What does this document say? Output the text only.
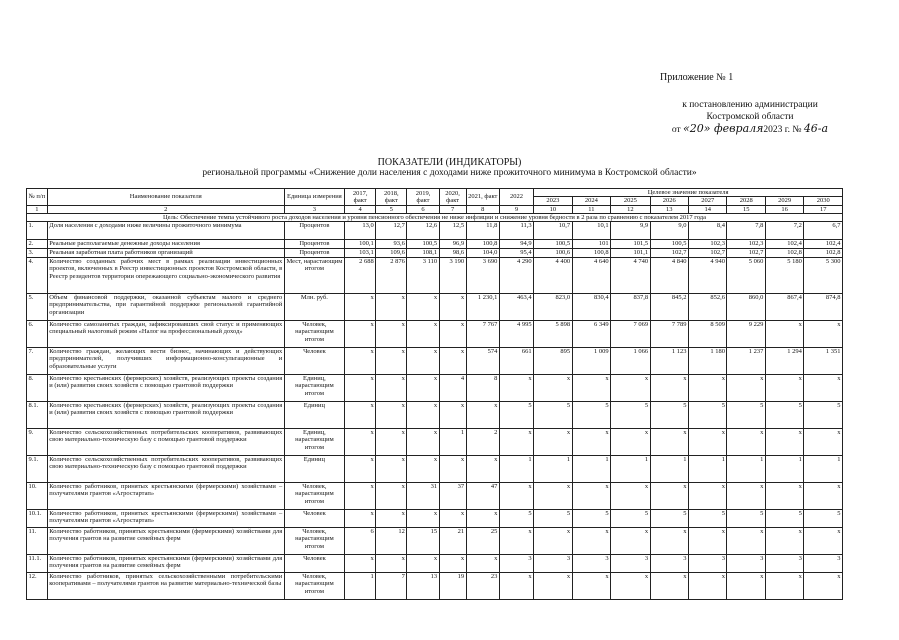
Приложение № 1
к постановлению администрации
Костромской области
от «20» февраля2023 г. № 46-а
ПОКАЗАТЕЛИ (ИНДИКАТОРЫ)
региональной программы «Снижение доли населения с доходами ниже прожиточного минимума в Костромской области»
№ п/п	Наименование показателя	Единица измерения	2017, факт	2018, факт	2019, факт	2020, факт	2021, факт	2022	Целевое значение показателя							
									2023	2024	2025	2026	2027	2028	2029	2030
1	2	3	4	5	6	7	8	9	10	11	12	13	14	15	16	17
Цель: Обеспечение темпа устойчивого роста доходов населения и уровня пенсионного обеспечения не ниже инфляции и снижение уровня бедности в 2 раза по сравнению с показателем 2017 года																
1.	Доля населения с доходами ниже величины прожиточного минимума	Процентов	13,0	12,7	12,6	12,5	11,8	11,3	10,7	10,1	9,9	9,0	8,4	7,8	7,2	6,7
2.	Реальные располагаемые денежные доходы населения	Процентов	100,1	93,6	100,5	96,9	100,8	94,9	100,5	101	101,5	100,5	102,3	102,3	102,4	102,4
3.	Реальная заработная плата работников организаций	Процентов	103,1	109,6	108,1	98,6	104,0	95,4	100,6	100,8	101,1	102,7	102,7	102,7	102,8	102,8
4.	Количество созданных рабочих мест в рамках реализации инвестиционных проектов, включенных в Реестр инвестиционных проектов Костромской области, в Реестр резидентов территории опережающего социально-экономического развития	Мест, нарастающим итогом	2 688	2 876	3 110	3 190	3 690	4 290	4 400	4 640	4 740	4 840	4 940	5 060	5 180	5 300
5.	Объем финансовой поддержки, оказанной субъектам малого и среднего предпринимательства, при гарантийной поддержке региональной гарантийной организации	Млн. руб.	х	х	х	х	1 230,1	463,4	823,0	830,4	837,8	845,2	852,6	860,0	867,4	874,8
6.	Количество самозанятых граждан, зафиксировавших свой статус и применяющих специальный налоговый режим «Налог на профессиональный доход»	Человек, нарастающим итогом	х	х	х	х	7 767	4 995	5 898	6 349	7 069	7 789	8 509	9 229	х	х
7.	Количество граждан, желающих вести бизнес, начинающих и действующих предпринимателей, получивших информационно-консультационные и образовательные услуги	Человек	х	х	х	х	574	661	895	1 009	1 066	1 123	1 180	1 237	1 294	1 351
8.	Количество крестьянских (фермерских) хозяйств, реализующих проекты создания и (или) развития своих хозяйств с помощью грантовой поддержки	Единиц, нарастающим итогом	х	х	х	4	8	х	х	х	х	х	х	х	х	х
8.1.	Количество крестьянских (фермерских) хозяйств, реализующих проекты создания и (или) развития своих хозяйств с помощью грантовой поддержки	Единиц	х	х	х	х	х	5	5	5	5	5	5	5	5	5
9.	Количество сельскохозяйственных потребительских кооперативов, развивающих свою материально-техническую базу с помощью грантовой поддержки	Единиц, нарастающим итогом	х	х	х	1	2	х	х	х	х	х	х	х	х	х
9.1.	Количество сельскохозяйственных потребительских кооперативов, развивающих свою материально-техническую базу с помощью грантовой поддержки	Единиц	х	х	х	х	х	1	1	1	1	1	1	1	1	1
10.	Количество работников, принятых крестьянскими (фермерскими) хозяйствами – получателями грантов «Агростартап»	Человек, нарастающим итогом	х	х	31	37	47	х	х	х	х	х	х	х	х	х
10.1.	Количество работников, принятых крестьянскими (фермерскими) хозяйствами – получателями грантов «Агростартап»	Человек	х	х	х	х	х	5	5	5	5	5	5	5	5	5
11.	Количество работников, принятых крестьянскими (фермерскими) хозяйствами для получения грантов на развитие семейных ферм	Человек, нарастающим итогом	6	12	15	21	25	х	х	х	х	х	х	х	х	х
11.1.	Количество работников, принятых крестьянскими (фермерскими) хозяйствами для получения грантов на развитие семейных ферм	Человек	х	х	х	х	х	3	3	3	3	3	3	3	3	3
12.	Количество работников, принятых сельскохозяйственными потребительскими кооперативами – получателями грантов на развитие материально-технической базы	Человек, нарастающим итогом	1	7	13	19	23	х	х	х	х	х	х	х	х	х
